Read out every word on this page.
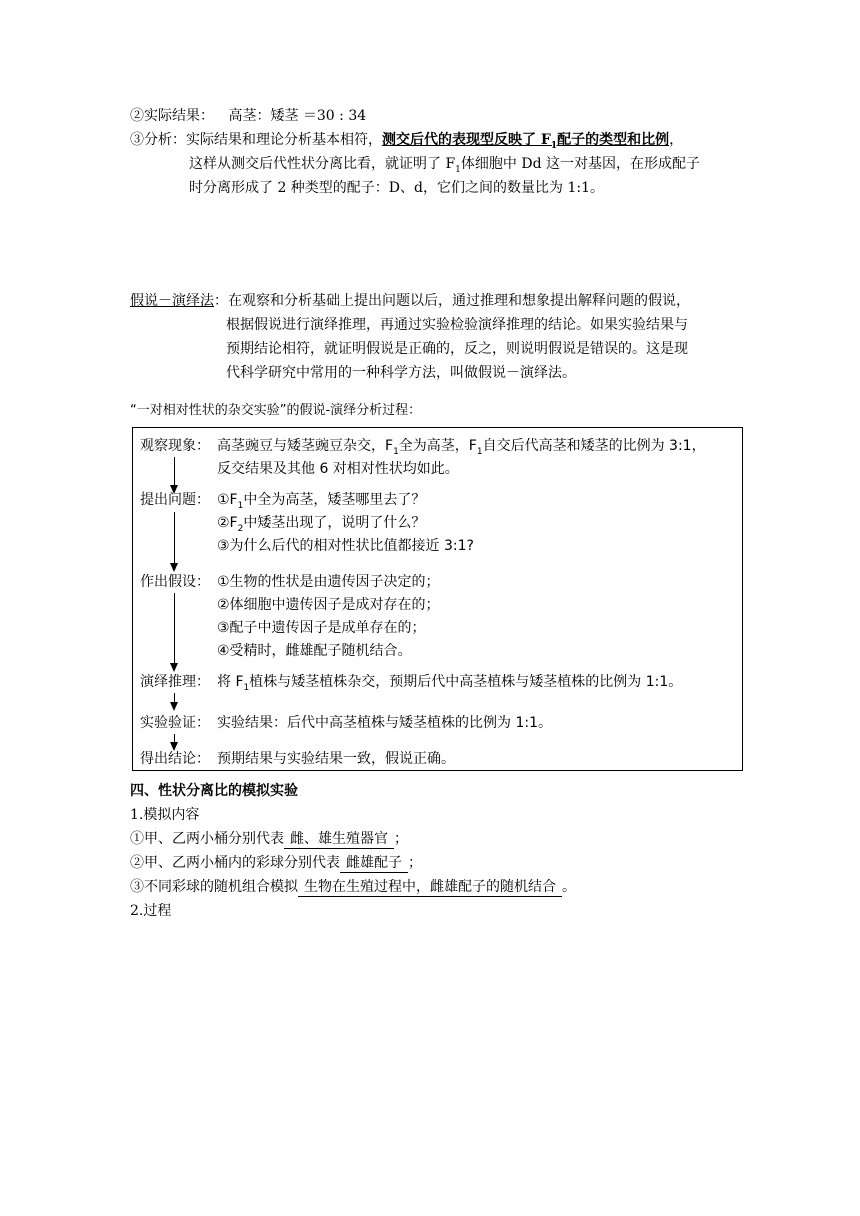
②实际结果： 高茎：矮茎 ＝30 : 34
③分析：实际结果和理论分析基本相符，测交后代的表现型反映了 $F_1$配子的类型和比例，
这样从测交后代性状分离比看，就证明了 $F_1$体细胞中 Dd 这一对基因，在形成配子
时分离形成了 2 种类型的配子：D、d，它们之间的数量比为 1:1。
假说－演绎法：在观察和分析基础上提出问题以后，通过推理和想象提出解释问题的假说，
根据假说进行演绎推理，再通过实验检验演绎推理的结论。如果实验结果与
预期结论相符，就证明假说是正确的，反之，则说明假说是错误的。这是现
代科学研究中常用的一种科学方法，叫做假说－演绎法。
“一对相对性状的杂交实验”的假说-演绎分析过程：
观察现象： 高茎豌豆与矮茎豌豆杂交，$F_1$全为高茎，$F_1$自交后代高茎和矮茎的比例为 3:1，
反交结果及其他 6 对相对性状均如此。
提出问题： $①F_1$中全为高茎，矮茎哪里去了？
$②F_2$中矮茎出现了，说明了什么？
③为什么后代的相对性状比值都接近 3:1?
作出假设： ①生物的性状是由遗传因子决定的；
②体细胞中遗传因子是成对存在的；
③配子中遗传因子是成单存在的；
④受精时，雌雄配子随机结合。
演绎推理： 将 $F_1$植株与矮茎植株杂交，预期后代中高茎植株与矮茎植株的比例为 1:1。
实验验证： 实验结果：后代中高茎植株与矮茎植株的比例为 1:1。
得出结论： 预期结果与实验结果一致，假说正确。
四、性状分离比的模拟实验
1.模拟内容
①甲、乙两小桶分别代表 雌、雄生殖器官 ；
②甲、乙两小桶内的彩球分别代表 雌雄配子 ；
③不同彩球的随机组合模拟 生物在生殖过程中，雌雄配子的随机结合 。
2.过程
